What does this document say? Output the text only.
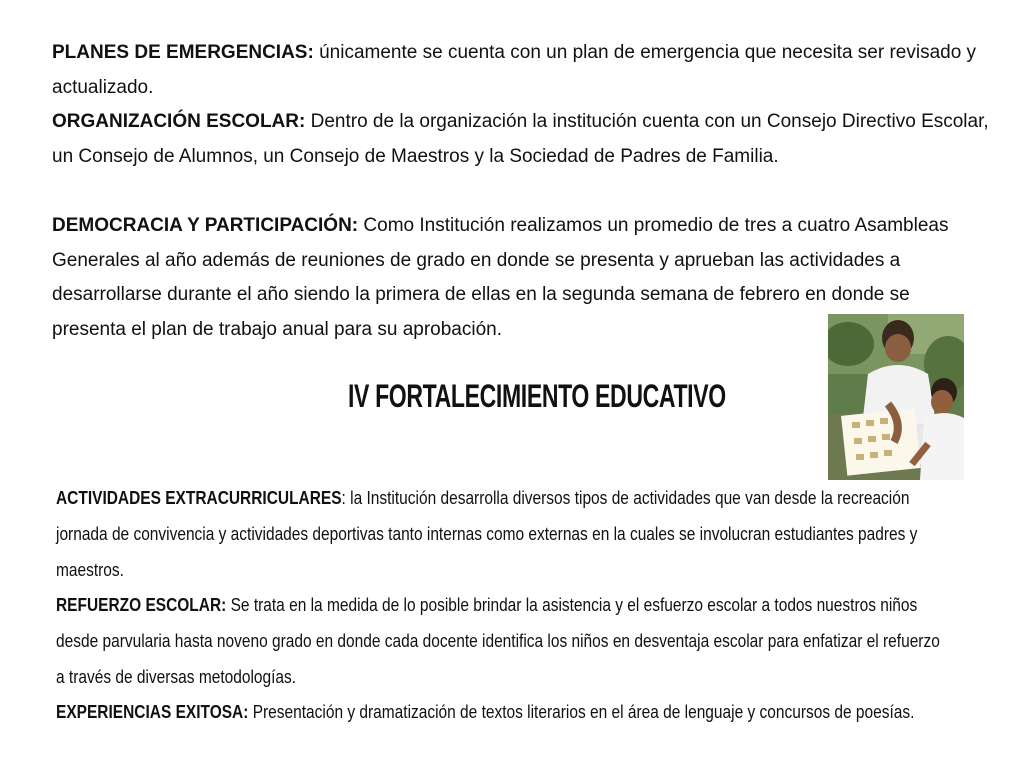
PLANES DE EMERGENCIAS: únicamente se cuenta con un plan de emergencia que necesita ser revisado y actualizado.
ORGANIZACIÓN ESCOLAR: Dentro de la organización la institución cuenta con un Consejo Directivo Escolar, un Consejo de Alumnos, un Consejo de Maestros y la Sociedad de Padres de Familia.
DEMOCRACIA Y PARTICIPACIÓN: Como Institución realizamos un promedio de tres a cuatro Asambleas Generales al año además de reuniones de grado en donde se presenta y aprueban las actividades a desarrollarse durante el año siendo la primera de ellas en la segunda semana de febrero en donde se presenta el plan de trabajo anual para su aprobación.
IV FORTALECIMIENTO EDUCATIVO
ACTIVIDADES EXTRACURRICULARES: la Institución desarrolla diversos tipos de actividades que van desde la recreación jornada de convivencia y actividades deportivas tanto internas como externas en la cuales se involucran estudiantes padres y maestros.
REFUERZO ESCOLAR: Se trata en la medida de lo posible brindar la asistencia y el esfuerzo escolar a todos nuestros niños desde parvularia hasta noveno grado en donde cada docente identifica los niños en desventaja escolar para enfatizar el refuerzo a través de diversas metodologías.
EXPERIENCIAS EXITOSA: Presentación y dramatización de textos literarios en el área de lenguaje y concursos de poesías.
